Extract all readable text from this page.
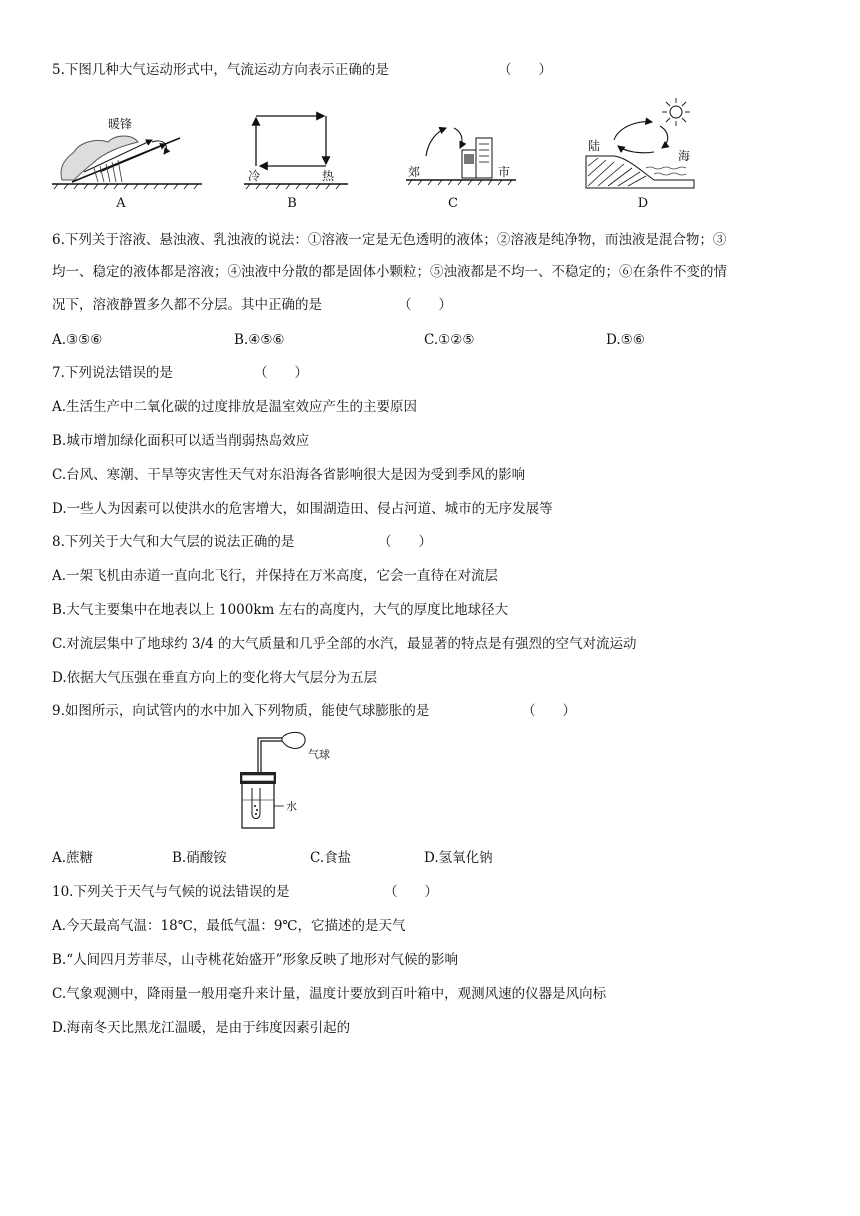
5.下图几种大气运动形式中，气流运动方向表示正确的是	（　　）
暖锋
A
冷	热
B
郊	市
C
陆
海
D
6.下列关于溶液、悬浊液、乳浊液的说法：①溶液一定是无色透明的液体；②溶液是纯净物，而浊液是混合物；③
均一、稳定的液体都是溶液；④浊液中分散的都是固体小颗粒；⑤浊液都是不均一、不稳定的；⑥在条件不变的情
况下，溶液静置多久都不分层。其中正确的是	（　　）
A.③⑤⑥	B.④⑤⑥	C.①②⑤	D.⑤⑥
7.下列说法错误的是	（　　）
A.生活生产中二氧化碳的过度排放是温室效应产生的主要原因
B.城市增加绿化面积可以适当削弱热岛效应
C.台风、寒潮、干旱等灾害性天气对东沿海各省影响很大是因为受到季风的影响
D.一些人为因素可以使洪水的危害增大，如围湖造田、侵占河道、城市的无序发展等
8.下列关于大气和大气层的说法正确的是	（　　）
A.一架飞机由赤道一直向北飞行，并保持在万米高度，它会一直待在对流层
B.大气主要集中在地表以上 1000km 左右的高度内，大气的厚度比地球径大
C.对流层集中了地球约 3/4 的大气质量和几乎全部的水汽，最显著的特点是有强烈的空气对流运动
D.依据大气压强在垂直方向上的变化将大气层分为五层
9.如图所示，向试管内的水中加入下列物质，能使气球膨胀的是	（　　）
气球
水
A.蔗糖	B.硝酸铵	C.食盐	D.氢氧化钠
10.下列关于天气与气候的说法错误的是	（　　）
A.今天最高气温：18℃，最低气温：9℃，它描述的是天气
B.“人间四月芳菲尽，山寺桃花始盛开”形象反映了地形对气候的影响
C.气象观测中，降雨量一般用毫升来计量，温度计要放到百叶箱中，观测风速的仪器是风向标
D.海南冬天比黑龙江温暖，是由于纬度因素引起的
